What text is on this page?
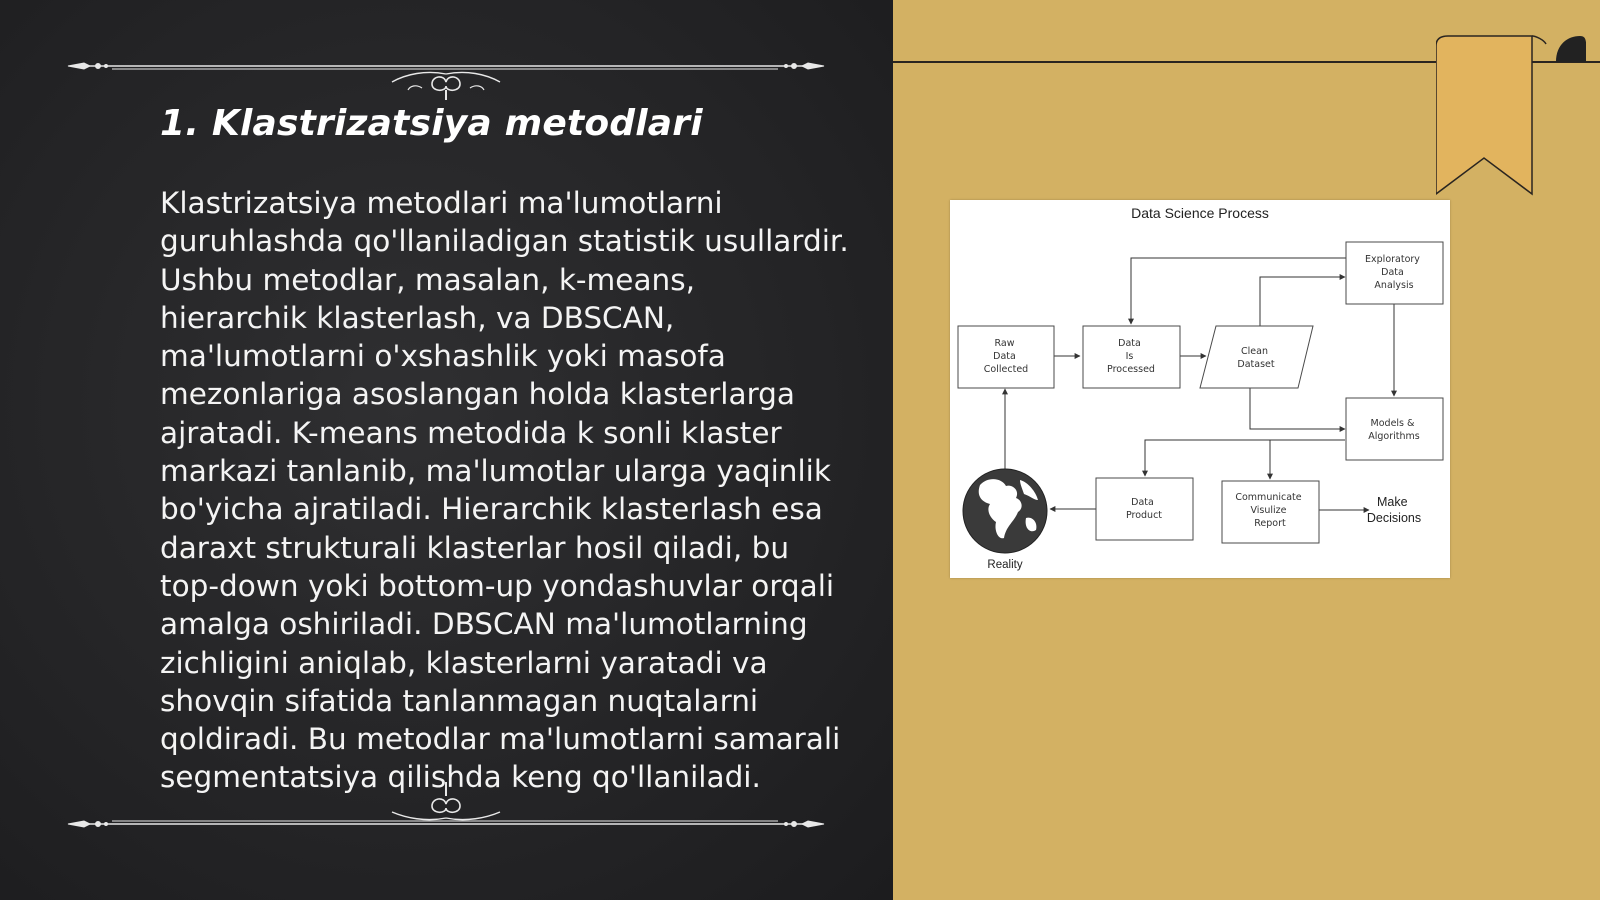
1. Klastrizatsiya metodlari

Klastrizatsiya metodlari ma'lumotlarni guruhlashda qo'llaniladigan statistik usullardir. Ushbu metodlar, masalan, k-means, hierarchik klasterlash, va DBSCAN, ma'lumotlarni o'xshashlik yoki masofa mezonlariga asoslangan holda klasterlarga ajratadi. K-means metodida k sonli klaster markazi tanlanib, ma'lumotlar ularga yaqinlik bo'yicha ajratiladi. Hierarchik klasterlash esa daraxt strukturali klasterlar hosil qiladi, bu top-down yoki bottom-up yondashuvlar orqali amalga oshiriladi. DBSCAN ma'lumotlarning zichligini aniqlab, klasterlarni yaratadi va shovqin sifatida tanlanmagan nuqtalarni qoldiradi. Bu metodlar ma'lumotlarni samarali segmentatsiya qilishda keng qo'llaniladi.

Data Science Process
Raw Data Collected
Data Is Processed
Clean Dataset
Exploratory Data Analysis
Models & Algorithms
Data Product
Communicate Visulize Report
Make Decisions
Reality
